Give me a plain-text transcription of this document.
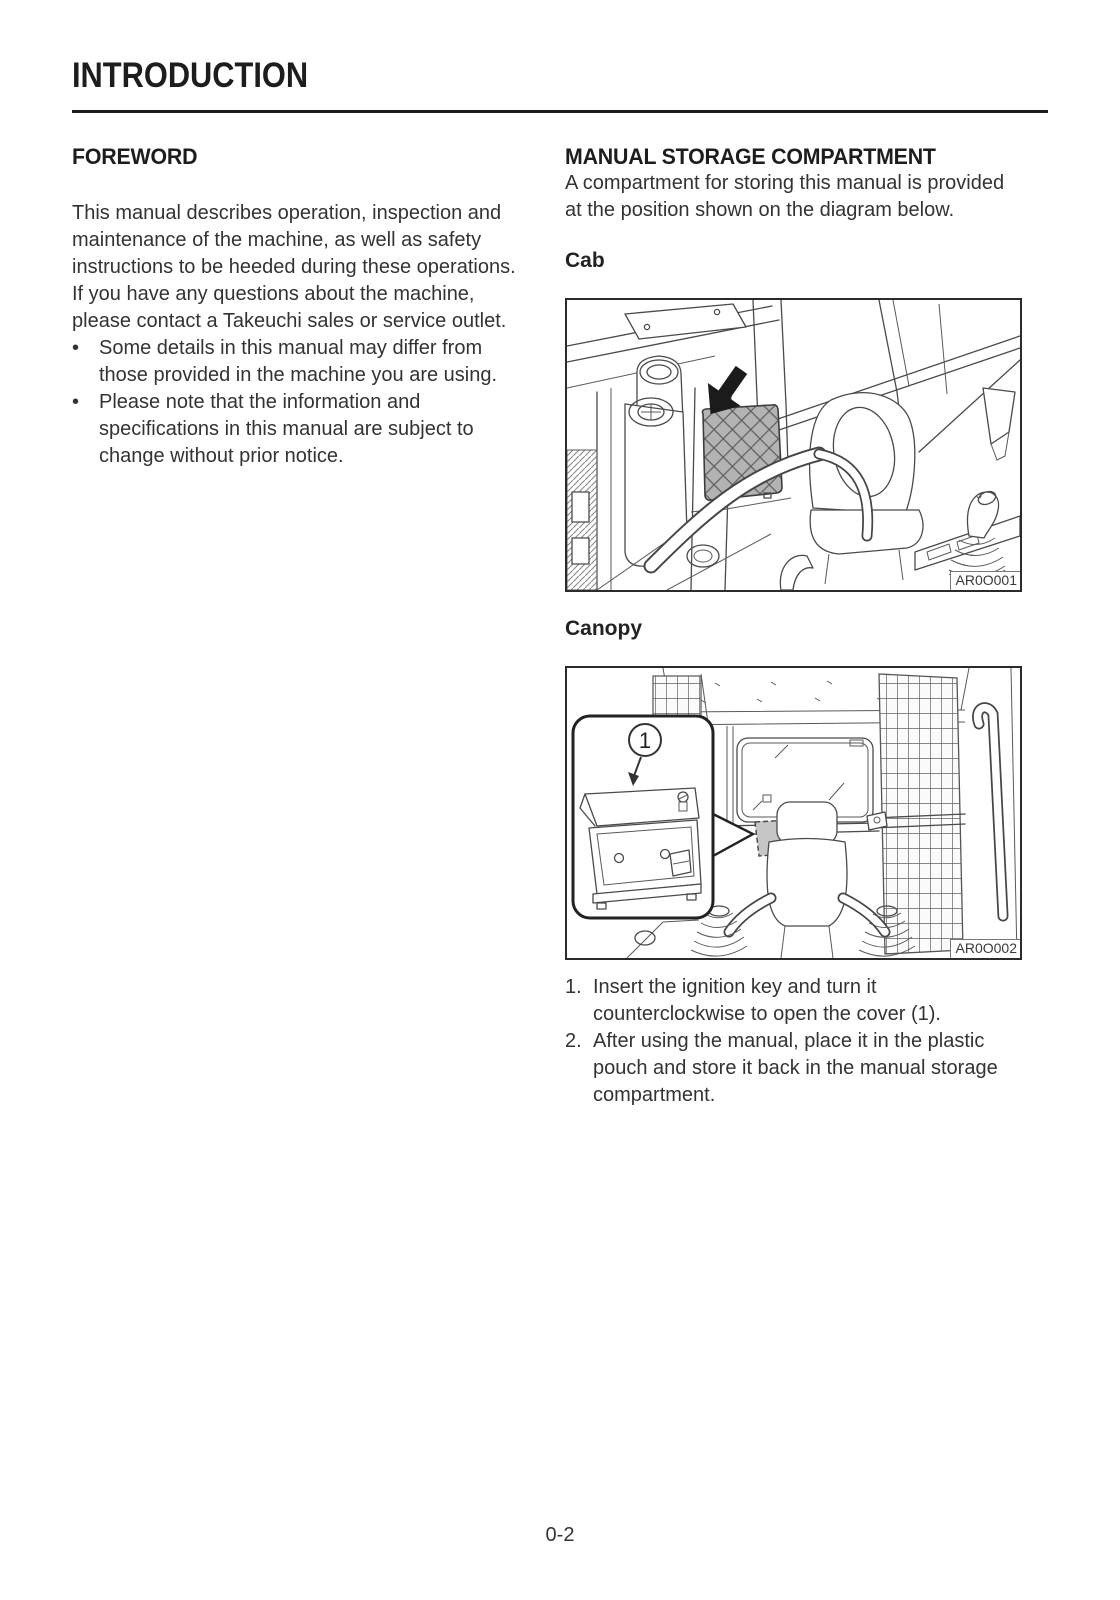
INTRODUCTION
FOREWORD

This manual describes operation, inspection and maintenance of the machine, as well as safety instructions to be heeded during these operations.

If you have any questions about the machine, please contact a Takeuchi sales or service outlet.

• Some details in this manual may differ from those provided in the machine you are using.
• Please note that the information and specifications in this manual are subject to change without prior notice.
MANUAL STORAGE COMPARTMENT

A compartment for storing this manual is provided at the position shown on the diagram below.

Cab
AR0O001
Canopy
1
AR0O002
1. Insert the ignition key and turn it counterclockwise to open the cover (1).
2. After using the manual, place it in the plastic pouch and store it back in the manual storage compartment.
0-2
